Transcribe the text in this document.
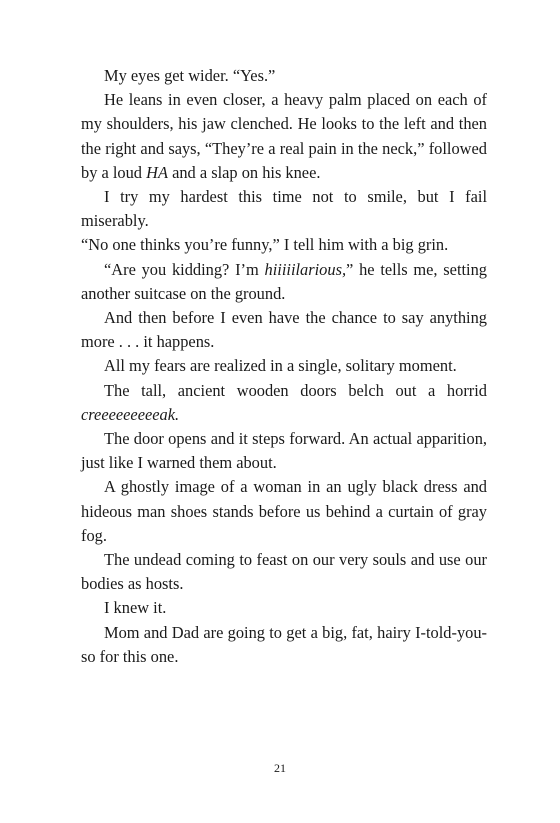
My eyes get wider. “Yes.”

He leans in even closer, a heavy palm placed on each of my shoulders, his jaw clenched. He looks to the left and then the right and says, “They’re a real pain in the neck,” followed by a loud HA and a slap on his knee.

I try my hardest this time not to smile, but I fail miserably.

“No one thinks you’re funny,” I tell him with a big grin.

“Are you kidding? I’m hiiiiilarious,” he tells me, setting another suitcase on the ground.

And then before I even have the chance to say anything more . . . it happens.

All my fears are realized in a single, solitary moment.

The tall, ancient wooden doors belch out a horrid creeeeeeeeeak.

The door opens and it steps forward. An actual apparition, just like I warned them about.

A ghostly image of a woman in an ugly black dress and hideous man shoes stands before us behind a curtain of gray fog.

The undead coming to feast on our very souls and use our bodies as hosts.

I knew it.

Mom and Dad are going to get a big, fat, hairy I-told-you-so for this one.

21
